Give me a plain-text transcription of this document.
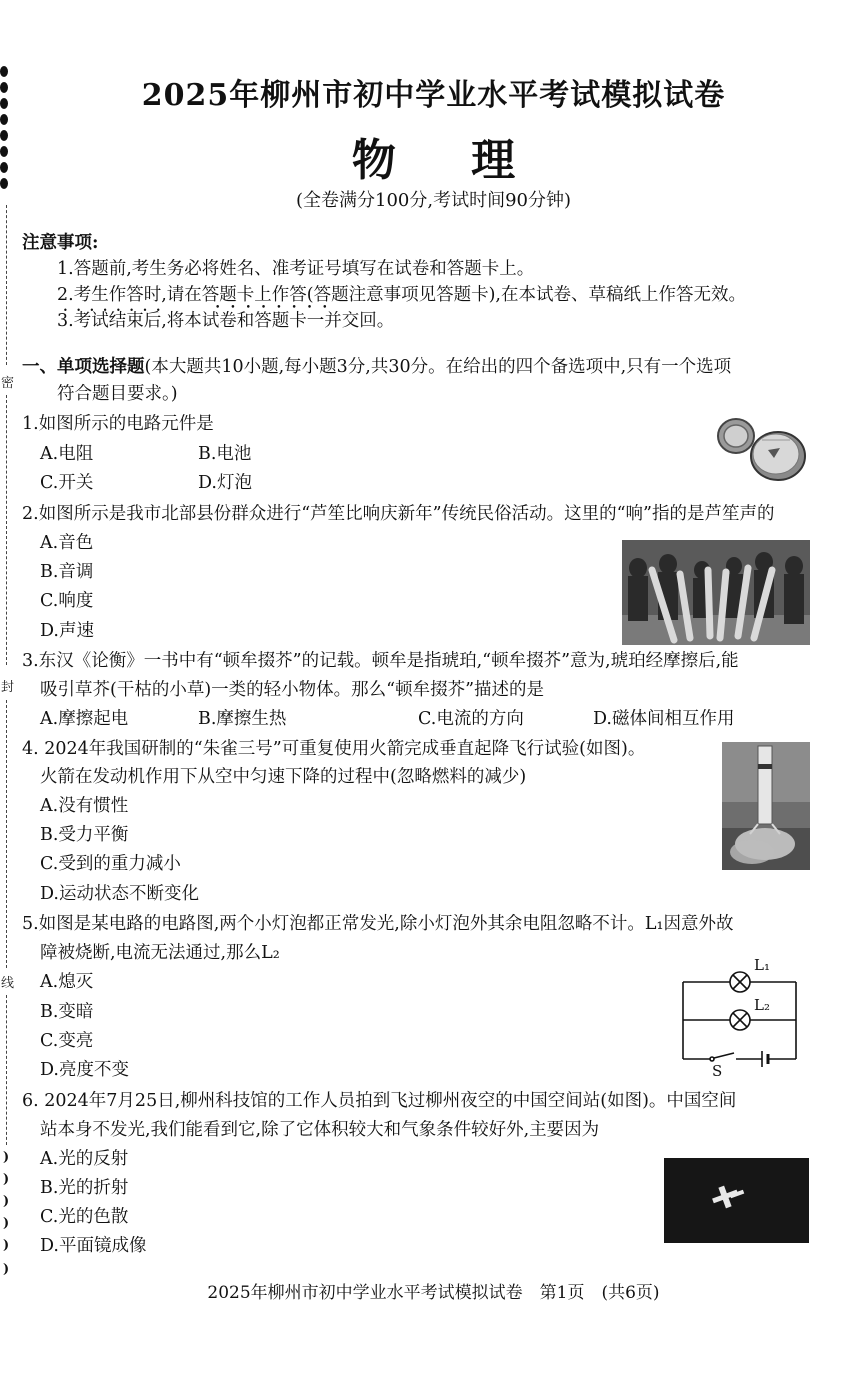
密
封
线
)
)
)
)
)
)
2025年柳州市初中学业水平考试模拟试卷
物 理
(全卷满分100分,考试时间90分钟)
注意事项:
1.答题前,考生务必将姓名、准考证号填写在试卷和答题卡上。
2.考生作答时,请在答题卡上作答(答题注意事项见答题卡),在本试卷、草稿纸上作答无效。 • • •
••••••••
3.考试结束后,将本试卷和答题卡一并交回。
一、单项选择题(本大题共10小题,每小题3分,共30分。在给出的四个备选项中,只有一个选项
符合题目要求。)
1.如图所示的电路元件是
A.电阻	B.电池
C.开关	D.灯泡
2.如图所示是我市北部县份群众进行“芦笙比响庆新年”传统民俗活动。这里的“响”指的是芦笙声的
A.音色
B.音调
C.响度
D.声速
3.东汉《论衡》一书中有“顿牟掇芥”的记载。顿牟是指琥珀,“顿牟掇芥”意为,琥珀经摩擦后,能
吸引草芥(干枯的小草)一类的轻小物体。那么“顿牟掇芥”描述的是
A.摩擦起电	B.摩擦生热	C.电流的方向	D.磁体间相互作用
4. 2024年我国研制的“朱雀三号”可重复使用火箭完成垂直起降飞行试验(如图)。
火箭在发动机作用下从空中匀速下降的过程中(忽略燃料的减少)
A.没有惯性
B.受力平衡
C.受到的重力减小
D.运动状态不断变化
5.如图是某电路的电路图,两个小灯泡都正常发光,除小灯泡外其余电阻忽略不计。L₁因意外故
障被烧断,电流无法通过,那么L₂
A.熄灭
B.变暗
C.变亮
D.亮度不变
L₁
L₂
S
6. 2024年7月25日,柳州科技馆的工作人员拍到飞过柳州夜空的中国空间站(如图)。中国空间
站本身不发光,我们能看到它,除了它体积较大和气象条件较好外,主要因为
A.光的反射
B.光的折射
C.光的色散
D.平面镜成像
2025年柳州市初中学业水平考试模拟试卷　第1页　(共6页)
